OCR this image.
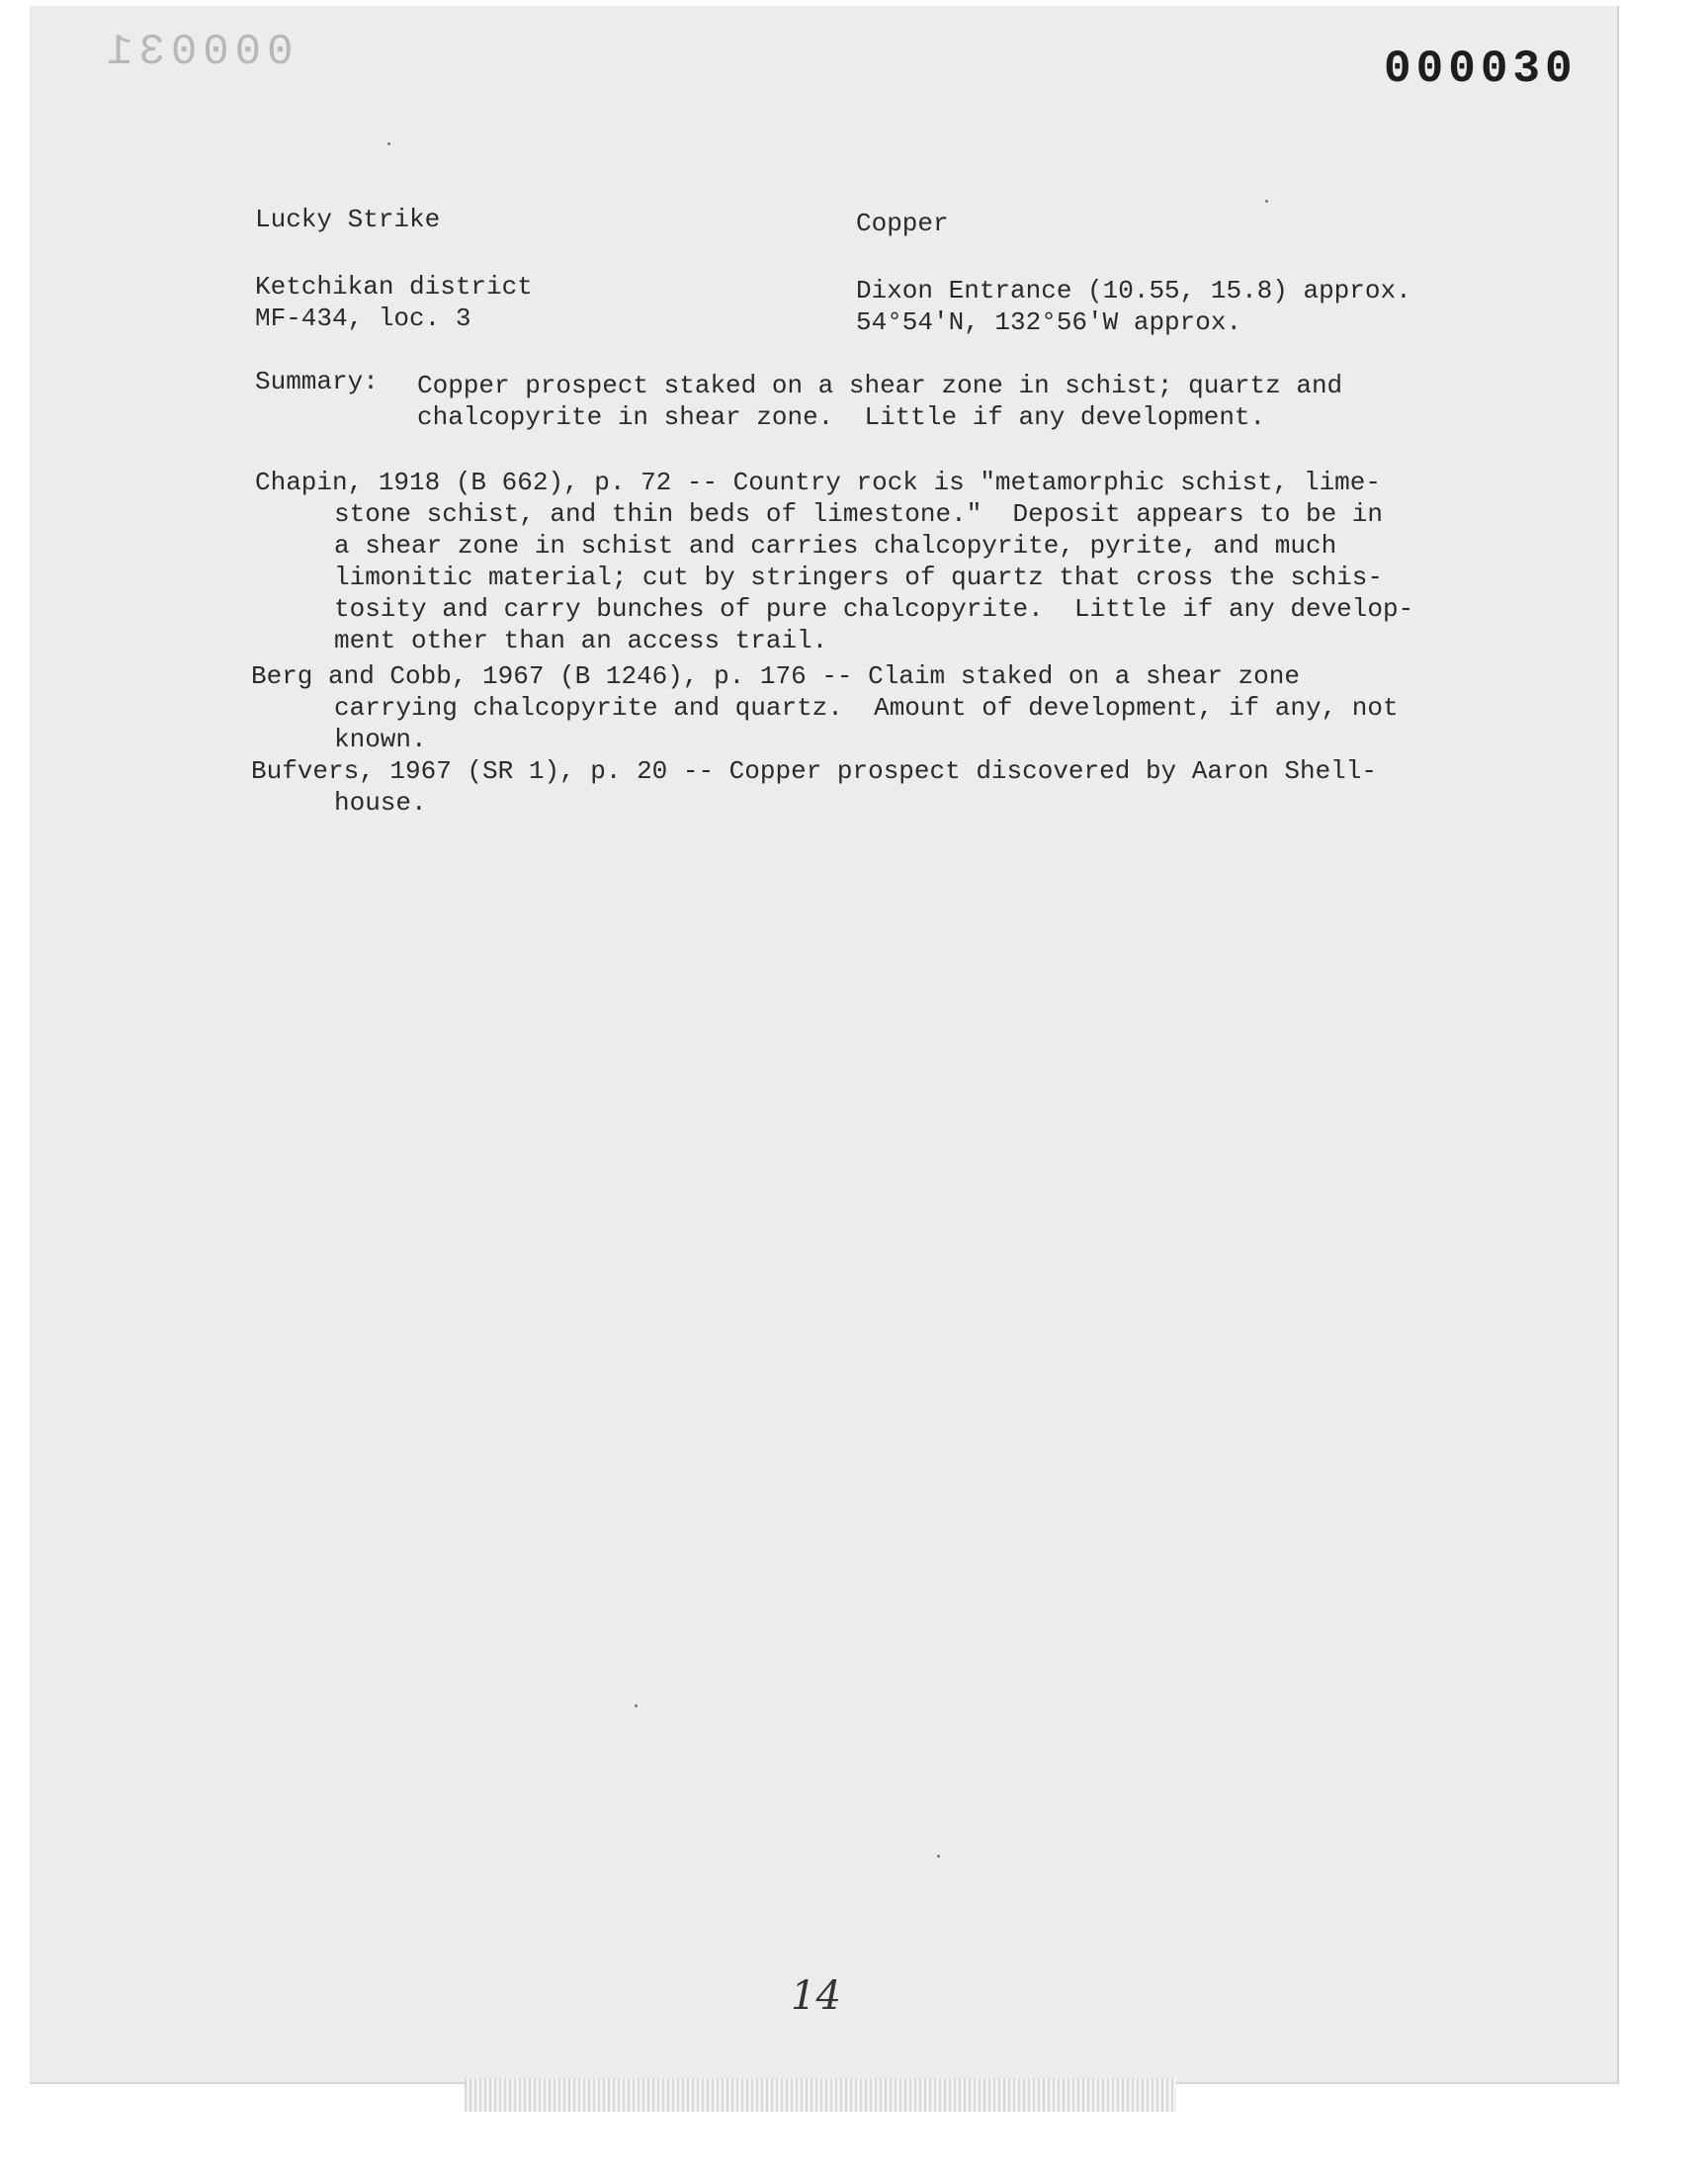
000031	000030
Lucky Strike	Copper
Ketchikan district
MF-434, loc. 3
Dixon Entrance (10.55, 15.8) approx.
54°54'N, 132°56'W approx.
Summary: Copper prospect staked on a shear zone in schist; quartz and
chalcopyrite in shear zone.  Little if any development.
Chapin, 1918 (B 662), p. 72 -- Country rock is "metamorphic schist, lime-
stone schist, and thin beds of limestone."  Deposit appears to be in
a shear zone in schist and carries chalcopyrite, pyrite, and much
limonitic material; cut by stringers of quartz that cross the schis-
tosity and carry bunches of pure chalcopyrite.  Little if any develop-
ment other than an access trail.
Berg and Cobb, 1967 (B 1246), p. 176 -- Claim staked on a shear zone
carrying chalcopyrite and quartz.  Amount of development, if any, not
known.
Bufvers, 1967 (SR 1), p. 20 -- Copper prospect discovered by Aaron Shell-
house.
14
